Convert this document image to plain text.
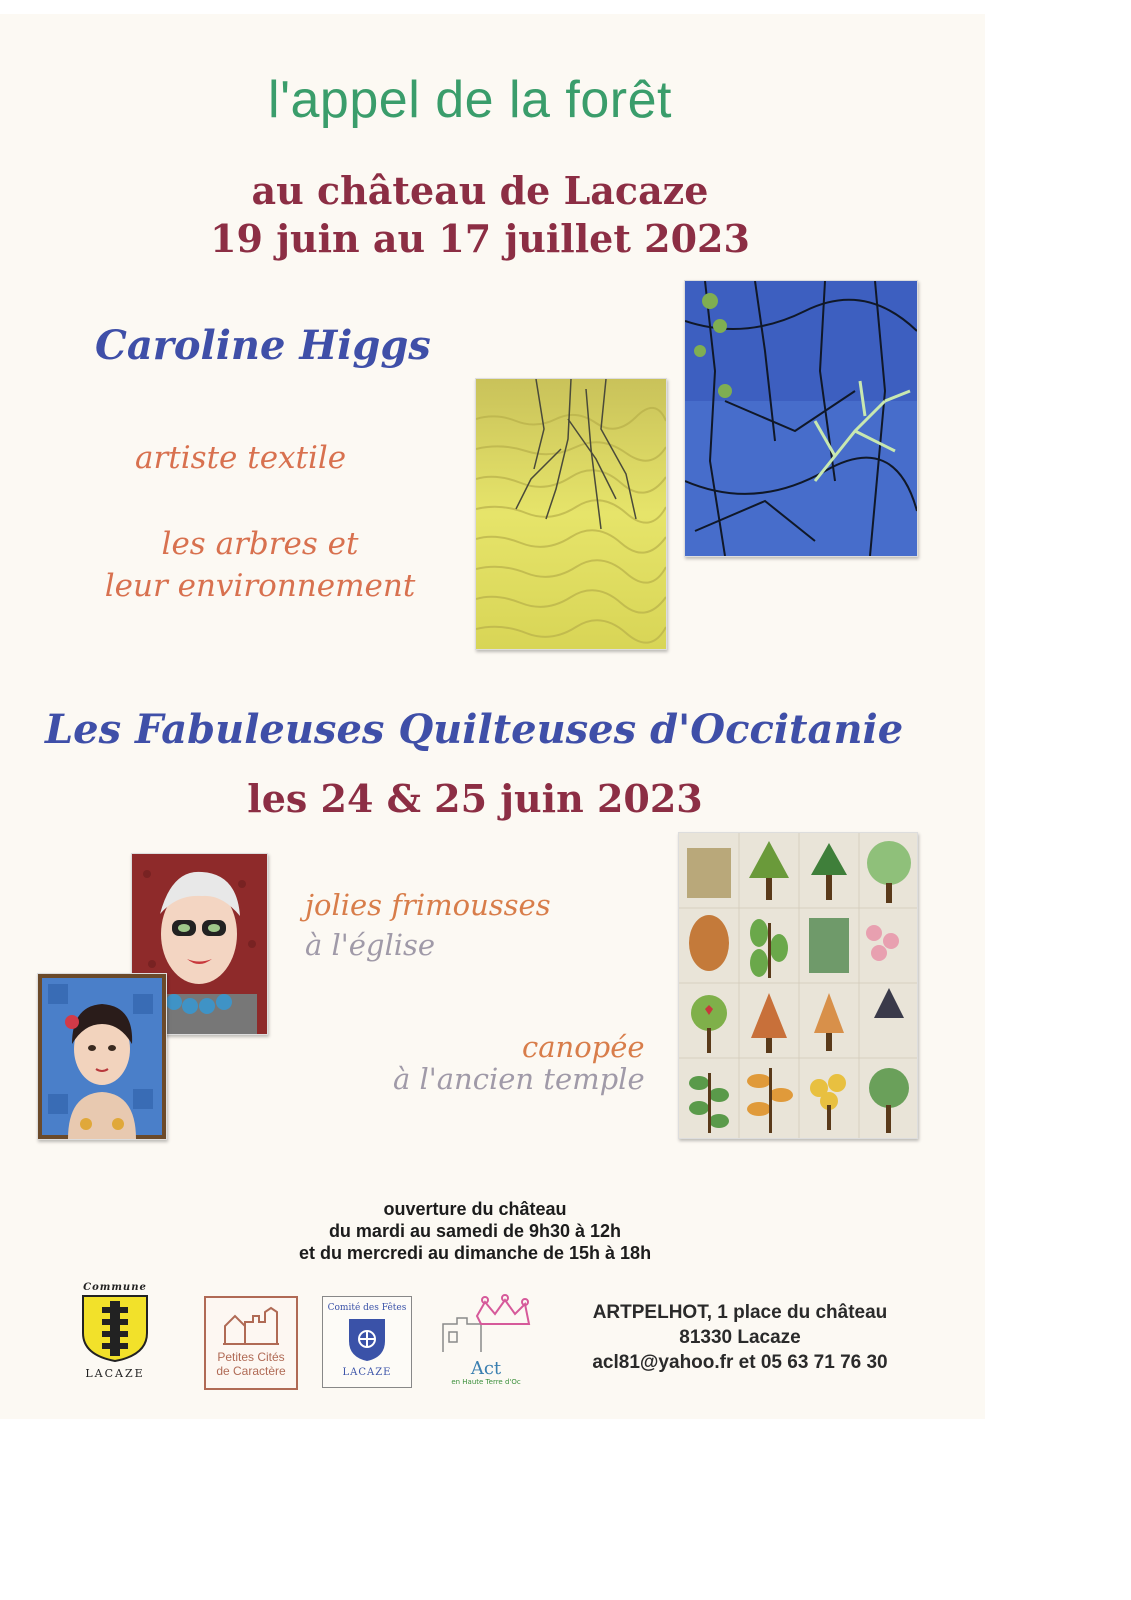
l'appel de la forêt
au château de Lacaze
19 juin au 17 juillet 2023
Caroline Higgs
artiste textile
les arbres et
leur environnement
Les Fabuleuses Quilteuses d'Occitanie
les 24 & 25 juin 2023
jolies frimousses
à l'église
canopée
à l'ancien temple
ouverture du château
du mardi au samedi de 9h30 à 12h
et du mercredi au dimanche de 15h à 18h
Commune
LACAZE
Petites Cités
de Caractère
Comité des Fêtes
LACAZE	Act
en Haute Terre d'Oc
ARTPELHOT, 1 place du château
81330 Lacaze
acl81@yahoo.fr et 05 63 71 76 30
